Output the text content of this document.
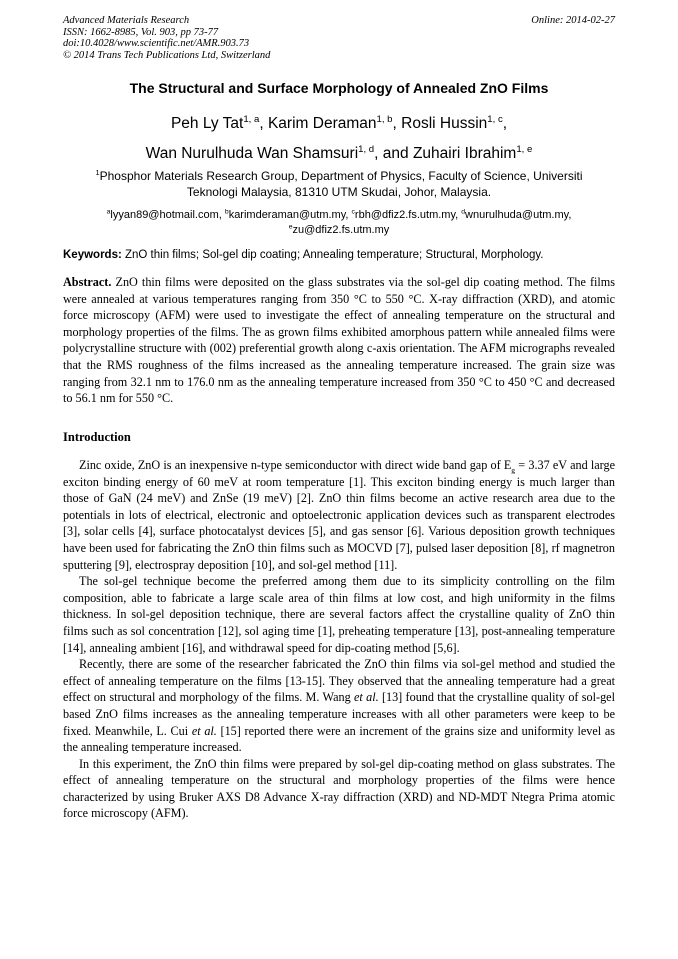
Advanced Materials Research
ISSN: 1662-8985, Vol. 903, pp 73-77
doi:10.4028/www.scientific.net/AMR.903.73
© 2014 Trans Tech Publications Ltd, Switzerland
Online: 2014-02-27
The Structural and Surface Morphology of Annealed ZnO Films
Peh Ly Tat$^{1, a}$, Karim Deraman$^{1, b}$, Rosli Hussin$^{1, c}$,
Wan Nurulhuda Wan Shamsuri$^{1, d}$, and Zuhairi Ibrahim$^{1, e}$
$^1$Phosphor Materials Research Group, Department of Physics, Faculty of Science, Universiti
Teknologi Malaysia, 81310 UTM Skudai, Johor, Malaysia.
$^a$lyyan89@hotmail.com, $^b$karimderaman@utm.my, $^c$rbh@dfiz2.fs.utm.my, $^d$wnurulhuda@utm.my,
$^e$zu@dfiz2.fs.utm.my
Keywords: ZnO thin films; Sol-gel dip coating; Annealing temperature; Structural, Morphology.

Abstract. ZnO thin films were deposited on the glass substrates via the sol-gel dip coating method. The films were annealed at various temperatures ranging from 350 °C to 550 °C. X-ray diffraction (XRD), and atomic force microscopy (AFM) were used to investigate the effect of annealing temperature on the structural and morphology properties of the films. The as grown films exhibited amorphous pattern while annealed films were polycrystalline structure with (002) preferential growth along c-axis orientation. The AFM micrographs revealed that the RMS roughness of the films increased as the annealing temperature increased. The grain size was ranging from 32.1 nm to 176.0 nm as the annealing temperature increased from 350 °C to 450 °C and decreased to 56.1 nm for 550 °C.

Introduction

Zinc oxide, ZnO is an inexpensive n-type semiconductor with direct wide band gap of $E_g = 3.37$ eV and large exciton binding energy of 60 meV at room temperature [1]. This exciton binding energy is much larger than those of GaN (24 meV) and ZnSe (19 meV) [2]. ZnO thin films become an active research area due to the potentials in lots of electrical, electronic and optoelectronic application devices such as transparent electrodes [3], solar cells [4], surface photocatalyst devices [5], and gas sensor [6]. Various deposition growth techniques have been used for fabricating the ZnO thin films such as MOCVD [7], pulsed laser deposition [8], rf magnetron sputtering [9], electrospray deposition [10], and sol-gel method [11].

The sol-gel technique become the preferred among them due to its simplicity controlling on the film composition, able to fabricate a large scale area of thin films at low cost, and high uniformity in the films thickness. In sol-gel deposition technique, there are several factors affect the crystalline quality of ZnO thin films such as sol concentration [12], sol aging time [1], preheating temperature [13], post-annealing temperature [14], annealing ambient [16], and withdrawal speed for dip-coating method [5,6].

Recently, there are some of the researcher fabricated the ZnO thin films via sol-gel method and studied the effect of annealing temperature on the films [13-15]. They observed that the annealing temperature had a great effect on structural and morphology of the films. M. Wang et al. [13] found that the crystalline quality of sol-gel based ZnO films increases as the annealing temperature increases with all other parameters were keep to be fixed. Meanwhile, L. Cui et al. [15] reported there were an increment of the grains size and uniformity level as the annealing temperature increased.

In this experiment, the ZnO thin films were prepared by sol-gel dip-coating method on glass substrates. The effect of annealing temperature on the structural and morphology properties of the films were hence characterized by using Bruker AXS D8 Advance X-ray diffraction (XRD) and ND-MDT Ntegra Prima atomic force microscopy (AFM).
